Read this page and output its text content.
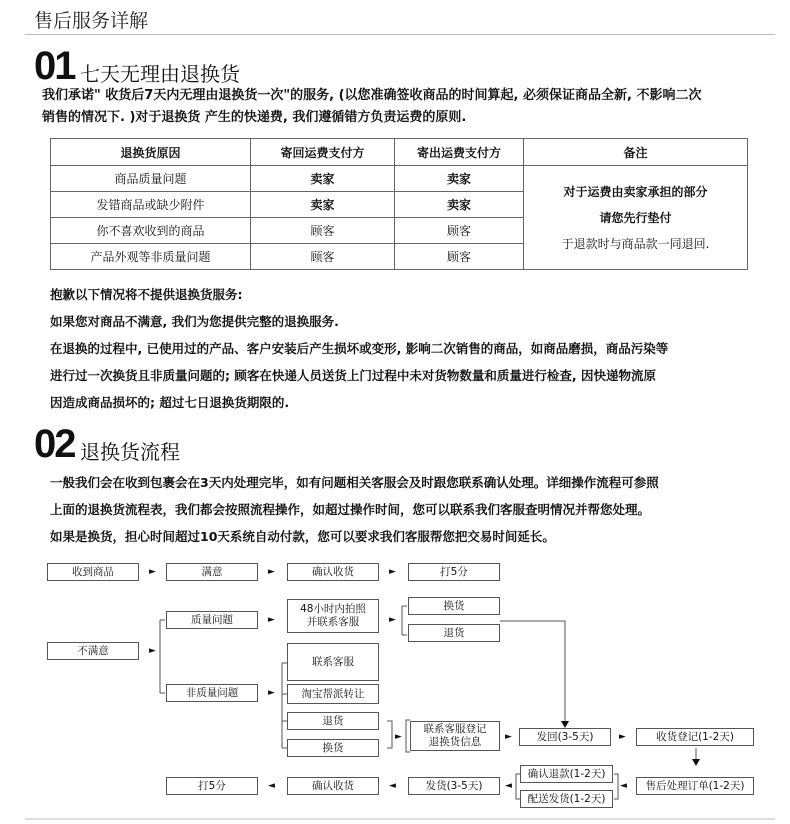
售后服务详解
01 七天无理由退换货
我们承诺" 收货后7天内无理由退换货一次"的服务, (以您准确签收商品的时间算起, 必须保证商品全新, 不影响二次
销售的情况下. )对于退换货 产生的快递费, 我们遵循错方负责运费的原则.
退换货原因	寄回运费支付方	寄出运费支付方	备注
商品质量问题	卖家	卖家	对于运费由卖家承担的部分
请您先行垫付
于退款时与商品款一同退回.

发错商品或缺少附件	卖家	卖家	
你不喜欢收到的商品	顾客	顾客	
产品外观等非质量问题	顾客	顾客	
抱歉以下情况将不提供退换货服务:
如果您对商品不满意, 我们为您提供完整的退换服务.
在退换的过程中, 已使用过的产品、客户安装后产生损坏或变形, 影响二次销售的商品，如商品磨损，商品污染等
进行过一次换货且非质量问题的; 顾客在快递人员送货上门过程中未对货物数量和质量进行检查, 因快递物流原
因造成商品损坏的; 超过七日退换货期限的.
02 退换货流程
一般我们会在收到包裹会在3天内处理完毕，如有问题相关客服会及时跟您联系确认处理。详细操作流程可参照
上面的退换货流程表，我们都会按照流程操作，如超过操作时间，您可以联系我们客服查明情况并帮您处理。
如果是换货，担心时间超过10天系统自动付款，您可以要求我们客服帮您把交易时间延长。
收到商品	►	满意	►	确认收货	►	打5分
质量问题	►
48小时内拍照
并联系客服	►
换货
退货
不满意	►
联系客服
非质量问题	►	淘宝帮派转让
退货
换货
►
联系客服登记
退换货信息	►	发回(3-5天)	►	收货登记(1-2天)
确认退款(1-2天)
配送发货(1-2天)
◄	售后处理订单(1-2天)
◄
发货(3-5天)
◄
确认收货
◄
打5分
